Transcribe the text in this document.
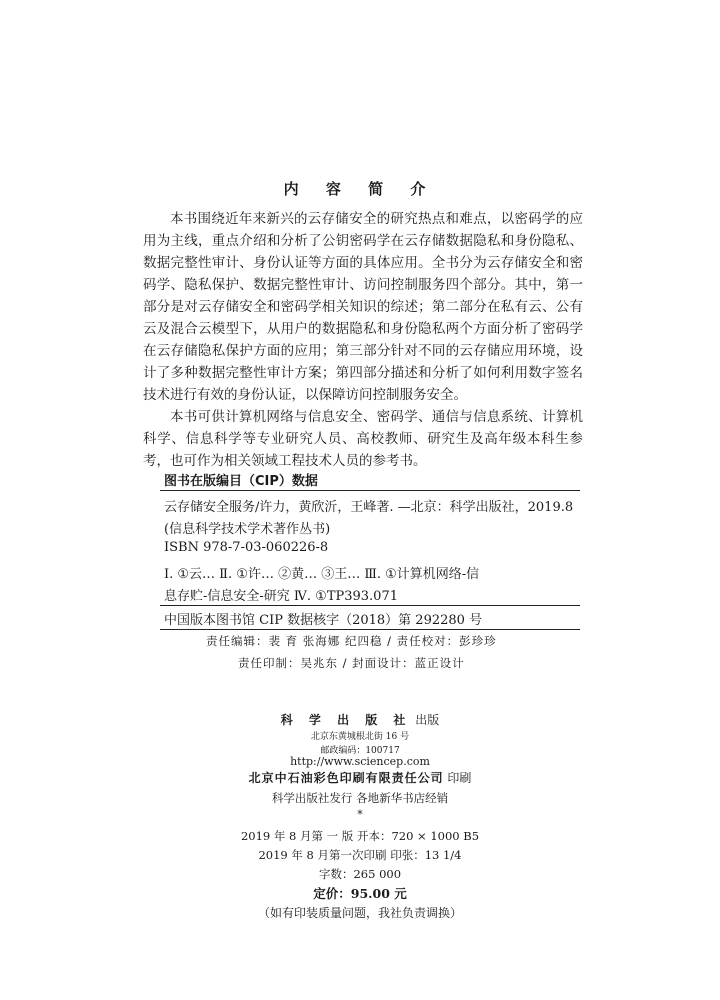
内 容 简 介

本书围绕近年来新兴的云存储安全的研究热点和难点，以密码学的应用为主线，重点介绍和分析了公钥密码学在云存储数据隐私和身份隐私、数据完整性审计、身份认证等方面的具体应用。全书分为云存储安全和密码学、隐私保护、数据完整性审计、访问控制服务四个部分。其中，第一部分是对云存储安全和密码学相关知识的综述；第二部分在私有云、公有云及混合云模型下，从用户的数据隐私和身份隐私两个方面分析了密码学在云存储隐私保护方面的应用；第三部分针对不同的云存储应用环境，设计了多种数据完整性审计方案；第四部分描述和分析了如何利用数字签名技术进行有效的身份认证，以保障访问控制服务安全。

本书可供计算机网络与信息安全、密码学、通信与信息系统、计算机科学、信息科学等专业研究人员、高校教师、研究生及高年级本科生参考，也可作为相关领域工程技术人员的参考书。

图书在版编目（CIP）数据
云存储安全服务/许力，黄欣沂，王峰著. —北京：科学出版社，2019.8
(信息科学技术学术著作丛书)
ISBN 978-7-03-060226-8
Ⅰ. ①云… Ⅱ. ①许… ②黄… ③王… Ⅲ. ①计算机网络-信
息存贮-信息安全-研究 Ⅳ. ①TP393.071
中国版本图书馆 CIP 数据核字（2018）第 292280 号
责任编辑：裴 育 张海娜 纪四稳 / 责任校对：彭珍珍
责任印制：吴兆东 / 封面设计：蓝正设计
科 学 出 版 社 出版
北京东黄城根北街 16 号
邮政编码：100717
http://www.sciencep.com
北京中石油彩色印刷有限责任公司 印刷
科学出版社发行 各地新华书店经销
*
2019 年 8 月第 一 版 开本：720 × 1000 B5
2019 年 8 月第一次印刷 印张：13 1/4
字数：265 000
定价：95.00 元
（如有印装质量问题，我社负责调换）
